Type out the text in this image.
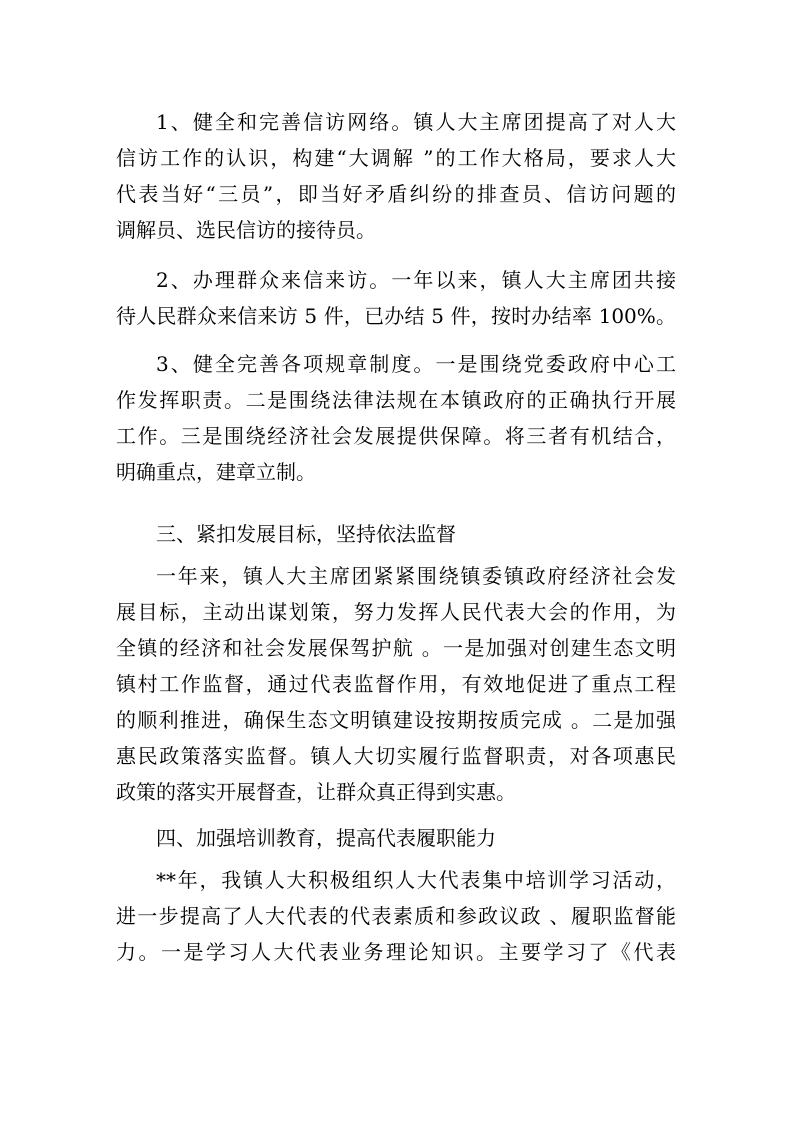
1、健全和完善信访网络。镇人大主席团提高了对人大
信访工作的认识，构建“大调解 ”的工作大格局，要求人大
代表当好“三员”，即当好矛盾纠纷的排查员、信访问题的
调解员、选民信访的接待员。
2、办理群众来信来访。一年以来，镇人大主席团共接
待人民群众来信来访 5 件，已办结 5 件，按时办结率 100%。
3、健全完善各项规章制度。一是围绕党委政府中心工
作发挥职责。二是围绕法律法规在本镇政府的正确执行开展
工作。三是围绕经济社会发展提供保障。将三者有机结合，
明确重点，建章立制。
三、紧扣发展目标，坚持依法监督
一年来，镇人大主席团紧紧围绕镇委镇政府经济社会发
展目标，主动出谋划策，努力发挥人民代表大会的作用，为
全镇的经济和社会发展保驾护航 。一是加强对创建生态文明
镇村工作监督，通过代表监督作用，有效地促进了重点工程
的顺利推进，确保生态文明镇建设按期按质完成 。二是加强
惠民政策落实监督。镇人大切实履行监督职责，对各项惠民
政策的落实开展督查，让群众真正得到实惠。
四、加强培训教育，提高代表履职能力
**年，我镇人大积极组织人大代表集中培训学习活动，
进一步提高了人大代表的代表素质和参政议政 、履职监督能
力。一是学习人大代表业务理论知识。主要学习了《代表
